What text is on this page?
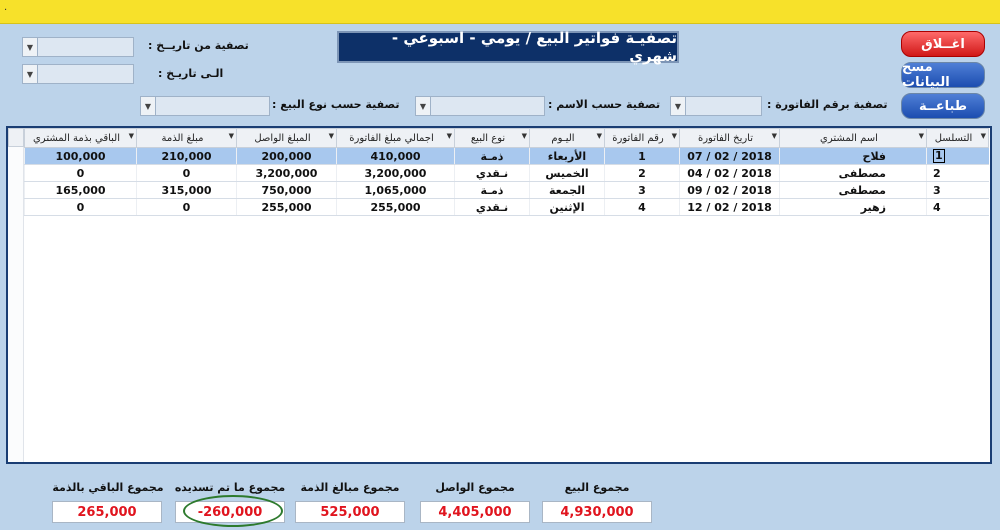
.
تصفيـة فواتير البيع / يومي - اسبوعي - شهري
اغــلاق
مسح البيانات
طباعــة
تصفية من تاريــخ :
▼
الـى تاريـخ :
▼
تصفية برقم الفاتورة :
▼
تصفية حسب الاسم :
▼
تصفية حسب نوع البيع :
▼
التسلسل ▼	اسم المشتري ▼	تاريخ الفاتورة ▼	رقم الفاتورة ▼	اليـوم ▼	نوع البيع ▼	اجمالي مبلغ الفاتورة ▼	المبلغ الواصل ▼	مبلغ الذمة ▼	الباقي بذمة المشتري ▼

1	فلاح	2018 / 02 / 07	1	الأربعاء	ذمـة	410,000	200,000	210,000	100,000
2	مصطفى	2018 / 02 / 04	2	الخميس	نـقدي	3,200,000	3,200,000	0	0
3	مصطفى	2018 / 02 / 09	3	الجمعة	ذمـة	1,065,000	750,000	315,000	165,000
4	زهير	2018 / 02 / 12	4	الإثنين	نـقدي	255,000	255,000	0	0
مجموع البيع
4,930,000
مجموع الواصل
4,405,000
مجموع مبالغ الذمة
525,000
مجموع ما تم تسديده
-260,000
مجموع الباقي بالذمة
265,000
